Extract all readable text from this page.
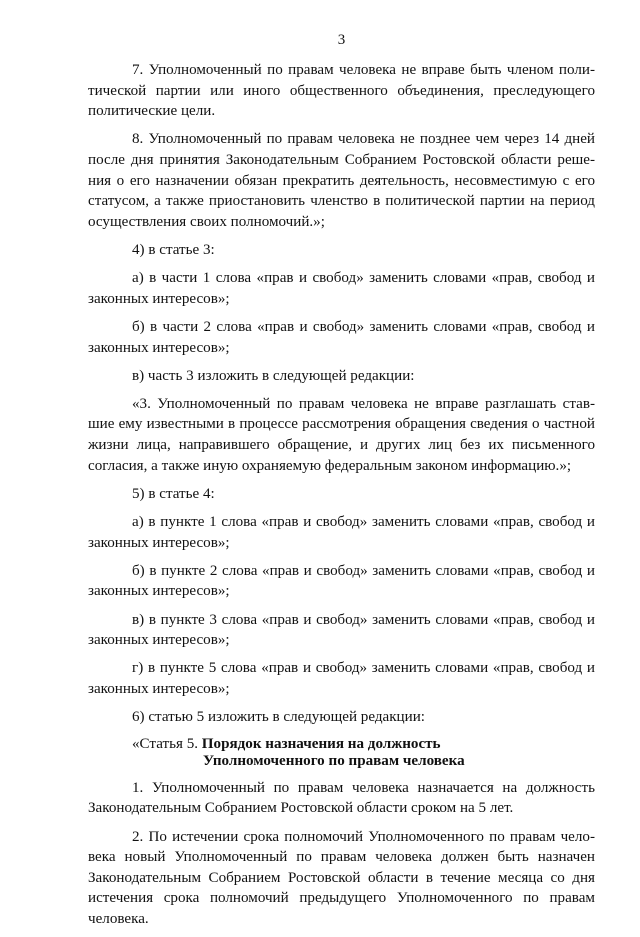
3

7. Уполномоченный по правам человека не вправе быть членом политической партии или иного общественного объединения, преследующего политические цели.

8. Уполномоченный по правам человека не позднее чем через 14 дней после дня принятия Законодательным Собранием Ростовской области решения о его назначении обязан прекратить деятельность, несовместимую с его статусом, а также приостановить членство в политической партии на период осуществления своих полномочий.»;

4) в статье 3:

а) в части 1 слова «прав и свобод» заменить словами «прав, свобод и законных интересов»;

б) в части 2 слова «прав и свобод» заменить словами «прав, свобод и законных интересов»;

в) часть 3 изложить в следующей редакции:

«3. Уполномоченный по правам человека не вправе разглашать ставшие ему известными в процессе рассмотрения обращения сведения о частной жизни лица, направившего обращение, и других лиц без их письменного согласия, а также иную охраняемую федеральным законом информацию.»;

5) в статье 4:

а) в пункте 1 слова «прав и свобод» заменить словами «прав, свобод и законных интересов»;

б) в пункте 2 слова «прав и свобод» заменить словами «прав, свобод и законных интересов»;

в) в пункте 3 слова «прав и свобод» заменить словами «прав, свобод и законных интересов»;

г) в пункте 5 слова «прав и свобод» заменить словами «прав, свобод и законных интересов»;

6) статью 5 изложить в следующей редакции:

«Статья 5. Порядок назначения на должность
Уполномоченного по правам человека

1. Уполномоченный по правам человека назначается на должность Законодательным Собранием Ростовской области сроком на 5 лет.

2. По истечении срока полномочий Уполномоченного по правам человека новый Уполномоченный по правам человека должен быть назначен Законодательным Собранием Ростовской области в течение месяца со дня истечения срока полномочий предыдущего Уполномоченного по правам человека.
